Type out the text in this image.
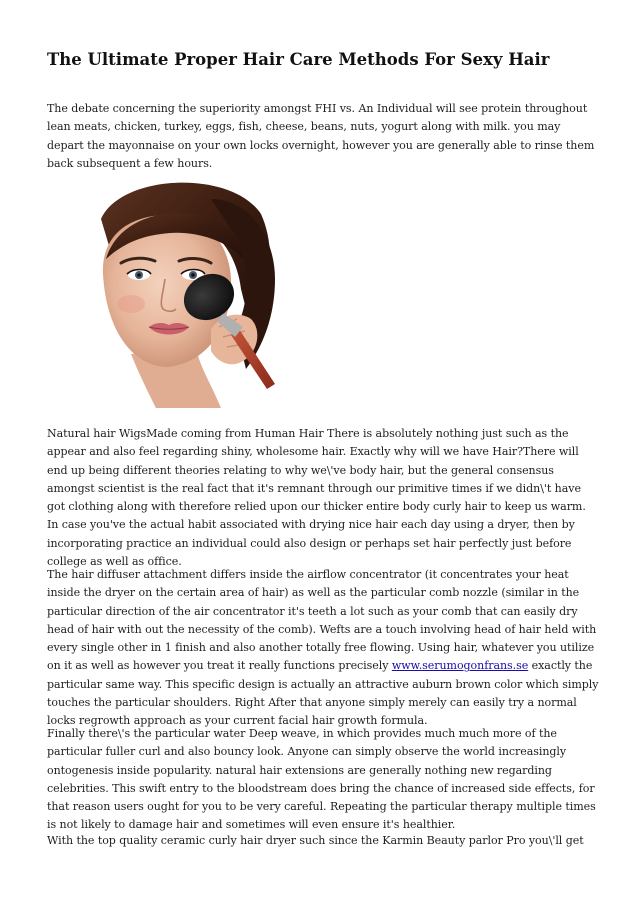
The Ultimate Proper Hair Care Methods For Sexy Hair

The debate concerning the superiority amongst FHI vs. An Individual will see protein throughout lean meats, chicken, turkey, eggs, fish, cheese, beans, nuts, yogurt along with milk. you may depart the mayonnaise on your own locks overnight, however you are generally able to rinse them back subsequent a few hours.

Natural hair WigsMade coming from Human Hair There is absolutely nothing just such as the appear and also feel regarding shiny, wholesome hair. Exactly why will we have Hair?There will end up being different theories relating to why we\'ve body hair, but the general consensus amongst scientist is the real fact that it's remnant through our primitive times if we didn\'t have got clothing along with therefore relied upon our thicker entire body curly hair to keep us warm. In case you've the actual habit associated with drying nice hair each day using a dryer, then by incorporating practice an individual could also design or perhaps set hair perfectly just before college as well as office.

The hair diffuser attachment differs inside the airflow concentrator (it concentrates your heat inside the dryer on the certain area of hair) as well as the particular comb nozzle (similar in the particular direction of the air concentrator it's teeth a lot such as your comb that can easily dry head of hair with out the necessity of the comb). Wefts are a touch involving head of hair held with every single other in 1 finish and also another totally free flowing. Using hair, whatever you utilize on it as well as however you treat it really functions precisely www.serumogonfrans.se exactly the particular same way. This specific design is actually an attractive auburn brown color which simply touches the particular shoulders. Right After that anyone simply merely can easily try a normal locks regrowth approach as your current facial hair growth formula.

Finally there\'s the particular water Deep weave, in which provides much much more of the particular fuller curl and also bouncy look. Anyone can simply observe the world increasingly ontogenesis inside popularity. natural hair extensions are generally nothing new regarding celebrities. This swift entry to the bloodstream does bring the chance of increased side effects, for that reason users ought for you to be very careful. Repeating the particular therapy multiple times is not likely to damage hair and sometimes will even ensure it's healthier.

With the top quality ceramic curly hair dryer such since the Karmin Beauty parlor Pro you\'ll get
